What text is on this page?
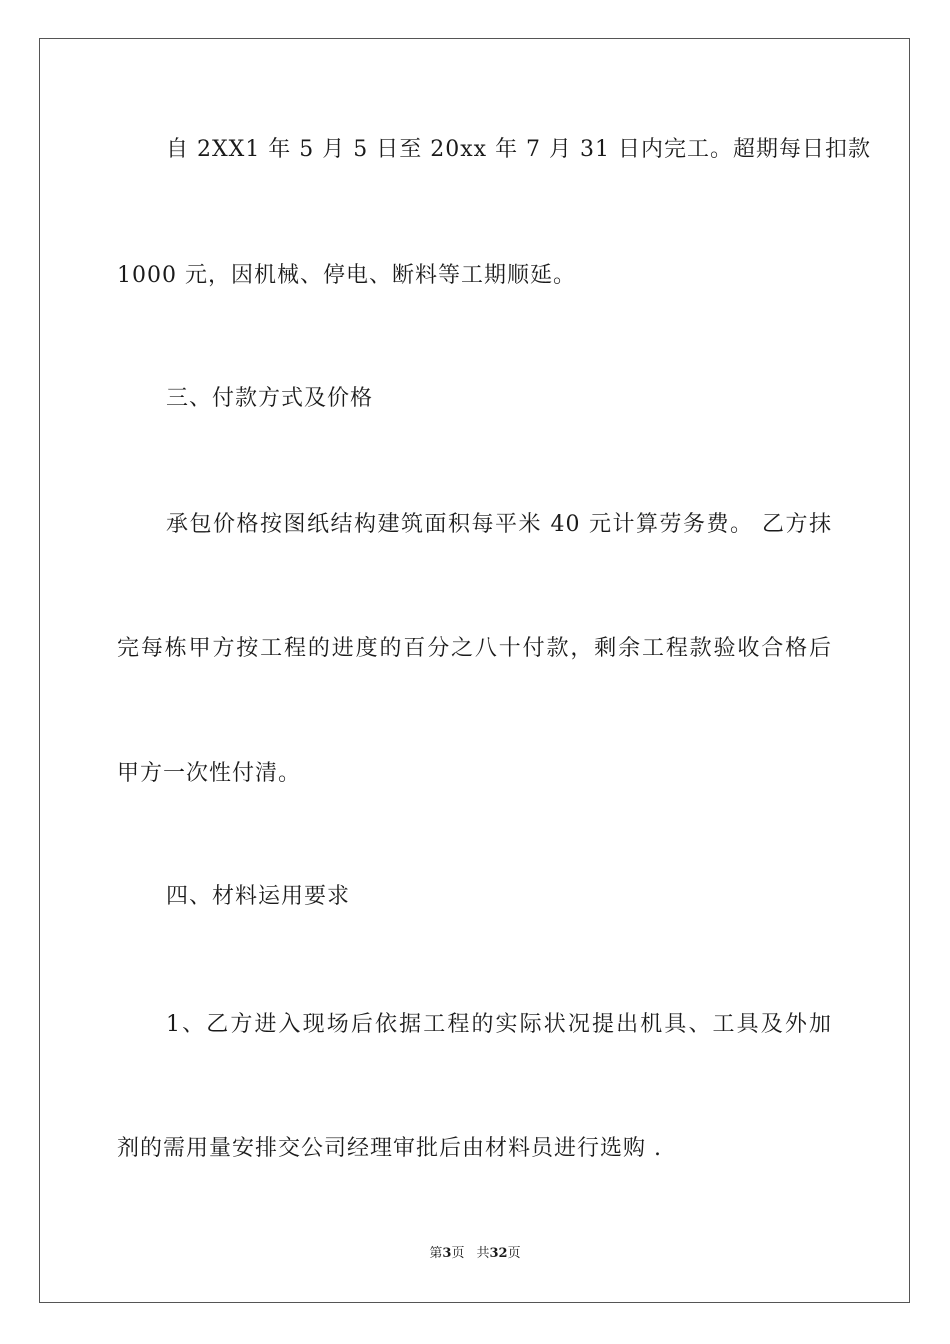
自 2XX1 年 5 月 5 日至 20xx 年 7 月 31 日内完工。超期每日扣款
1000 元，因机械、停电、断料等工期顺延。
三、付款方式及价格
承包价格按图纸结构建筑面积每平米 40 元计算劳务费。 乙方抹
完每栋甲方按工程的进度的百分之八十付款，剩余工程款验收合格后
甲方一次性付清。
四、材料运用要求
1、乙方进入现场后依据工程的实际状况提出机具、工具及外加
剂的需用量安排交公司经理审批后由材料员进行选购 .
第3页 共32页
